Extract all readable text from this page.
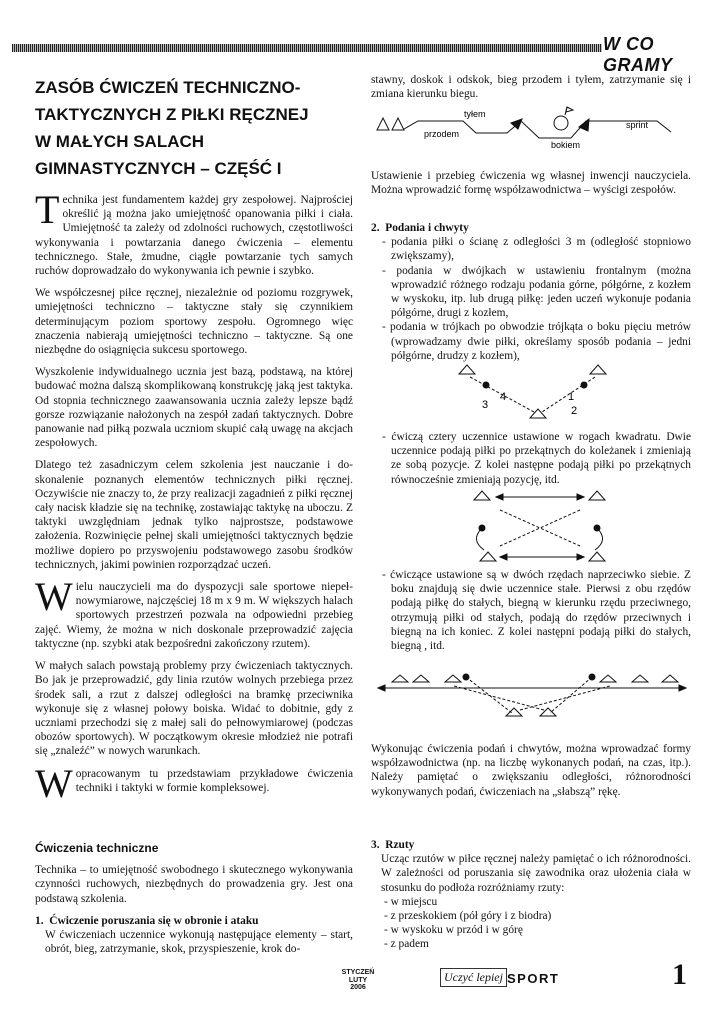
W CO GRAMY
ZASÓB ĆWICZEŃ TECHNICZNO-
TAKTYCZNYCH Z PIŁKI RĘCZNEJ
W MAŁYCH SALACH
GIMNASTYCZNYCH – CZĘŚĆ I

Technika jest fundamentem każdej gry zespołowej. Najprościej określić ją można jako umiejętność opanowania piłki i ciała. Umiejętność ta zależy od zdolności ruchowych, częstotliwości wykonywania i powtarzania danego ćwiczenia – elementu technicznego. Stałe, żmudne, ciągłe powtarzanie tych samych ruchów doprowadzało do wykonywania ich pewnie i szybko.

We współczesnej piłce ręcznej, niezależnie od poziomu rozgrywek, umiejętności techniczno – taktyczne stały się czynnikiem determinującym poziom sportowy zespołu. Ogromnego więc znaczenia nabierają umiejętności techniczno – taktyczne. Są one niezbędne do osiągnięcia sukcesu sportowego.

Wyszkolenie indywidualnego ucznia jest bazą, podstawą, na której budować można dalszą skomplikowaną konstrukcję jaką jest taktyka. Od stopnia technicznego zaawansowania ucznia zależy lepsze bądź gorsze rozwiązanie nałożonych na zespół zadań taktycznych. Dobre panowanie nad piłką pozwala uczniom skupić całą uwagę na akcjach zespołowych.

Dlatego też zasadniczym celem szkolenia jest nauczanie i doskonalenie poznanych elementów technicznych piłki ręcznej. Oczywiście nie znaczy to, że przy realizacji zagadnień z piłki ręcznej cały nacisk kładzie się na technikę, zostawiając taktykę na uboczu. Z taktyki uwzględniam jednak tylko najprostsze, podstawowe założenia. Rozwinięcie pełnej skali umiejętności taktycznych będzie możliwe dopiero po przyswojeniu podstawowego zasobu środków technicznych, jakimi powinien rozporządzać uczeń.

Wielu nauczycieli ma do dyspozycji sale sportowe niepełnowymiarowe, najczęściej 18 m x 9 m. W większych halach sportowych przestrzeń pozwala na odpowiedni przebieg zajęć. Wiemy, że można w nich doskonale przeprowadzić zajęcia taktyczne (np. szybki atak bezpośredni zakończony rzutem).

W małych salach powstają problemy przy ćwiczeniach taktycznych. Bo jak je przeprowadzić, gdy linia rzutów wolnych przebiega przez środek sali, a rzut z dalszej odległości na bramkę przeciwnika wykonuje się z własnej połowy boiska. Widać to dobitnie, gdy z uczniami przechodzi się z małej sali do pełnowymiarowej (podczas obozów sportowych). W początkowym okresie młodzież nie potrafi się „znaleźć” w nowych warunkach.

Wopracowanym tu przedstawiam przykładowe ćwiczenia techniki i taktyki w formie kompleksowej.

Ćwiczenia techniczne

Technika – to umiejętność swobodnego i skutecznego wykonywania czynności ruchowych, niezbędnych do prowadzenia gry. Jest ona podstawą szkolenia.

1. Ćwiczenie poruszania się w obronie i ataku
W ćwiczeniach uczennice wykonują następujące elementy – start, obrót, bieg, zatrzymanie, skok, przyspieszenie, krok do-
stawny, doskok i odskok, bieg przodem i tyłem, zatrzymanie się i zmiana kierunku biegu.
tyłem
przodem
bokiem
sprint
Ustawienie i przebieg ćwiczenia wg własnej inwencji nauczyciela. Można wprowadzić formę współzawodnictwa – wyścigi zespołów.
2. Podania i chwyty
- podania piłki o ścianę z odległości 3 m (odległość stopniowo zwiększamy),
- podania w dwójkach w ustawieniu frontalnym (można wprowadzić różnego rodzaju podania górne, półgórne, z kozłem w wyskoku, itp. lub drugą piłkę: jeden uczeń wykonuje podania półgórne, drugi z kozłem,
- podania w trójkach po obwodzie trójkąta o boku pięciu metrów (wprowadzamy dwie piłki, określamy sposób podania – jedni półgórne, drudzy z kozłem),
4
3
1
2
- ćwiczą cztery uczennice ustawione w rogach kwadratu. Dwie uczennice podają piłki po przekątnych do koleżanek i zmieniają ze sobą pozycje. Z kolei następne podają piłki po przekątnych równocześnie zmieniają pozycję, itd.
- ćwiczące ustawione są w dwóch rzędach naprzeciwko siebie. Z boku znajdują się dwie uczennice stałe. Pierwsi z obu rzędów podają piłkę do stałych, biegną w kierunku rzędu przeciwnego, otrzymują piłki od stałych, podają do rzędów przeciwnych i biegną na ich koniec. Z kolei następni podają piłki do stałych, biegną , itd.
Wykonując ćwiczenia podań i chwytów, można wprowadzać formy współzawodnictwa (np. na liczbę wykonanych podań, na czas, itp.). Należy pamiętać o zwiększaniu odległości, różnorodności wykonywanych podań, ćwiczeniach na „słabszą” rękę.
3. Rzuty
Ucząc rzutów w piłce ręcznej należy pamiętać o ich różnorodności. W zależności od poruszania się zawodnika oraz ułożenia ciała w stosunku do podłoża rozróżniamy rzuty:
- w miejscu
- z przeskokiem (pół góry i z biodra)
- w wyskoku w przód i w górę
- z padem
STYCZEŃ
LUTY
2006
Uczyć lepiej SPORT	1
